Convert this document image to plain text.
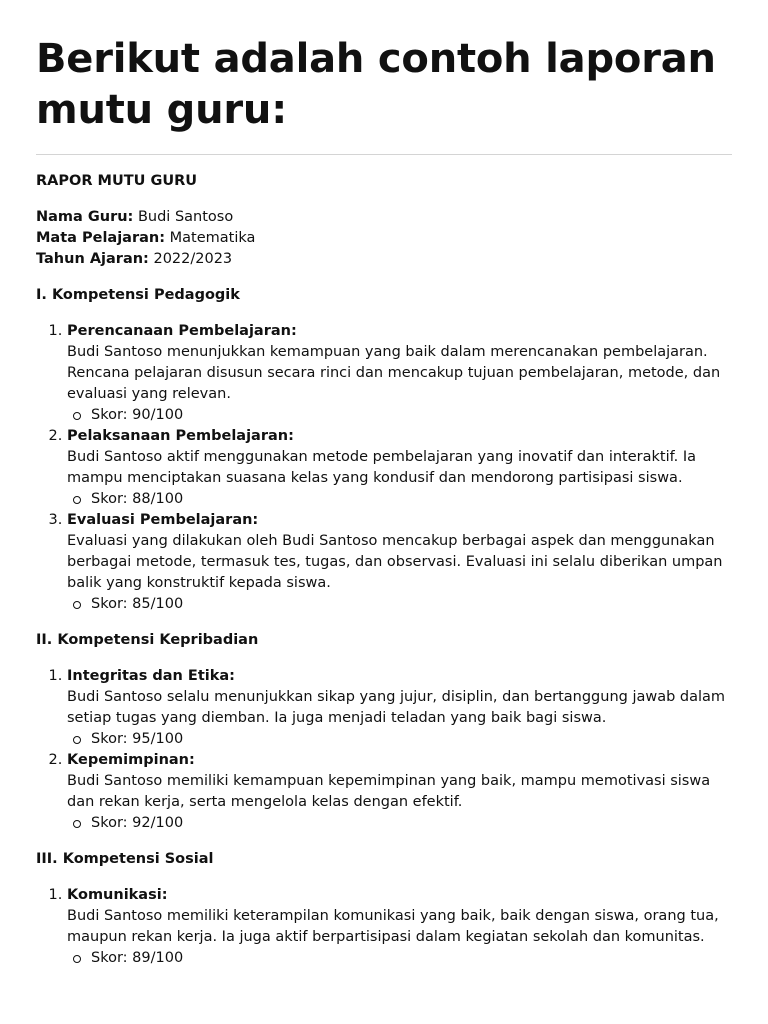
Berikut adalah contoh laporan mutu guru:

RAPOR MUTU GURU

Nama Guru: Budi Santoso

Mata Pelajaran: Matematika

Tahun Ajaran: 2022/2023

I. Kompetensi Pedagogik

1. Perencanaan Pembelajaran:
Budi Santoso menunjukkan kemampuan yang baik dalam merencanakan pembelajaran. Rencana pelajaran disusun secara rinci dan mencakup tujuan pembelajaran, metode, dan evaluasi yang relevan.
Skor: 90/100
2. Pelaksanaan Pembelajaran:
Budi Santoso aktif menggunakan metode pembelajaran yang inovatif dan interaktif. Ia mampu menciptakan suasana kelas yang kondusif dan mendorong partisipasi siswa.
Skor: 88/100
3. Evaluasi Pembelajaran:
Evaluasi yang dilakukan oleh Budi Santoso mencakup berbagai aspek dan menggunakan berbagai metode, termasuk tes, tugas, dan observasi. Evaluasi ini selalu diberikan umpan balik yang konstruktif kepada siswa.
Skor: 85/100

II. Kompetensi Kepribadian

1. Integritas dan Etika:
Budi Santoso selalu menunjukkan sikap yang jujur, disiplin, dan bertanggung jawab dalam setiap tugas yang diemban. Ia juga menjadi teladan yang baik bagi siswa.
Skor: 95/100
2. Kepemimpinan:
Budi Santoso memiliki kemampuan kepemimpinan yang baik, mampu memotivasi siswa dan rekan kerja, serta mengelola kelas dengan efektif.
Skor: 92/100

III. Kompetensi Sosial

1. Komunikasi:
Budi Santoso memiliki keterampilan komunikasi yang baik, baik dengan siswa, orang tua, maupun rekan kerja. Ia juga aktif berpartisipasi dalam kegiatan sekolah dan komunitas.
Skor: 89/100
